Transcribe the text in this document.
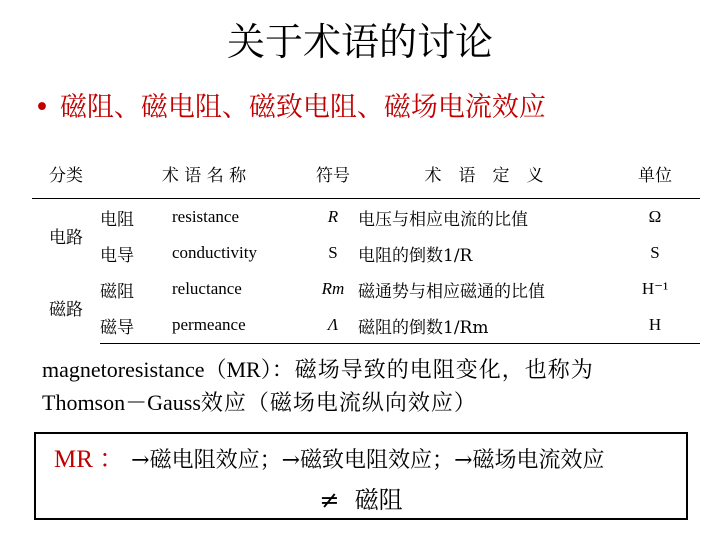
关于术语的讨论
• 磁阻、磁电阻、磁致电阻、磁场电流效应
分类	术 语 名 称		符号	术　语　定　义	单位
电路	电阻	resistance	R	电压与相应电流的比值	Ω
	电导	conductivity	S	电阻的倒数1/R	S
磁路	磁阻	reluctance	Rm	磁通势与相应磁通的比值	H⁻¹
	磁导	permeance	Λ	磁阻的倒数1/Rm	H
magnetoresistance（MR）：磁场导致的电阻变化，也称为
Thomson－Gauss效应（磁场电流纵向效应）
MR ： →磁电阻效应；→磁致电阻效应；→磁场电流效应
≠ 磁阻
